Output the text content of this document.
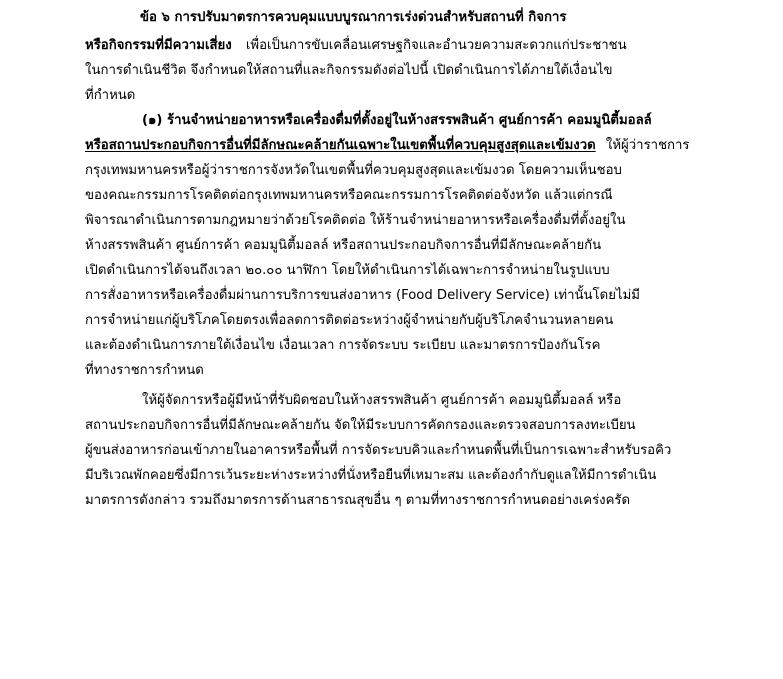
ข้อ ๖ การปรับมาตรการควบคุมแบบบูรณาการเร่งด่วนสำหรับสถานที่ กิจการ
หรือกิจกรรมที่มีความเสี่ยง เพื่อเป็นการขับเคลื่อนเศรษฐกิจและอำนวยความสะดวกแก่ประชาชน
ในการดำเนินชีวิต จึงกำหนดให้สถานที่และกิจกรรมดังต่อไปนี้ เปิดดำเนินการได้ภายใต้เงื่อนไข
ที่กำหนด
(๑) ร้านจำหน่ายอาหารหรือเครื่องดื่มที่ตั้งอยู่ในห้างสรรพสินค้า ศูนย์การค้า คอมมูนิตี้มอลล์
หรือสถานประกอบกิจการอื่นที่มีลักษณะคล้ายกันเฉพาะในเขตพื้นที่ควบคุมสูงสุดและเข้มงวด ให้ผู้ว่าราชการ
กรุงเทพมหานครหรือผู้ว่าราชการจังหวัดในเขตพื้นที่ควบคุมสูงสุดและเข้มงวด โดยความเห็นชอบ
ของคณะกรรมการโรคติดต่อกรุงเทพมหานครหรือคณะกรรมการโรคติดต่อจังหวัด แล้วแต่กรณี
พิจารณาดำเนินการตามกฎหมายว่าด้วยโรคติดต่อ ให้ร้านจำหน่ายอาหารหรือเครื่องดื่มที่ตั้งอยู่ใน
ห้างสรรพสินค้า ศูนย์การค้า คอมมูนิตี้มอลล์ หรือสถานประกอบกิจการอื่นที่มีลักษณะคล้ายกัน
เปิดดำเนินการได้จนถึงเวลา ๒๐.๐๐ นาฬิกา โดยให้ดำเนินการได้เฉพาะการจำหน่ายในรูปแบบ
การสั่งอาหารหรือเครื่องดื่มผ่านการบริการขนส่งอาหาร (Food Delivery Service) เท่านั้นโดยไม่มี
การจำหน่ายแก่ผู้บริโภคโดยตรงเพื่อลดการติดต่อระหว่างผู้จำหน่ายกับผู้บริโภคจำนวนหลายคน
และต้องดำเนินการภายใต้เงื่อนไข เงื่อนเวลา การจัดระบบ ระเบียบ และมาตรการป้องกันโรค
ที่ทางราชการกำหนด
ให้ผู้จัดการหรือผู้มีหน้าที่รับผิดชอบในห้างสรรพสินค้า ศูนย์การค้า คอมมูนิตี้มอลล์ หรือ
สถานประกอบกิจการอื่นที่มีลักษณะคล้ายกัน จัดให้มีระบบการคัดกรองและตรวจสอบการลงทะเบียน
ผู้ขนส่งอาหารก่อนเข้าภายในอาคารหรือพื้นที่ การจัดระบบคิวและกำหนดพื้นที่เป็นการเฉพาะสำหรับรอคิว
มีบริเวณพักคอยซึ่งมีการเว้นระยะห่างระหว่างที่นั่งหรือยืนที่เหมาะสม และต้องกำกับดูแลให้มีการดำเนิน
มาตรการดังกล่าว รวมถึงมาตรการด้านสาธารณสุขอื่น ๆ ตามที่ทางราชการกำหนดอย่างเคร่งครัด
